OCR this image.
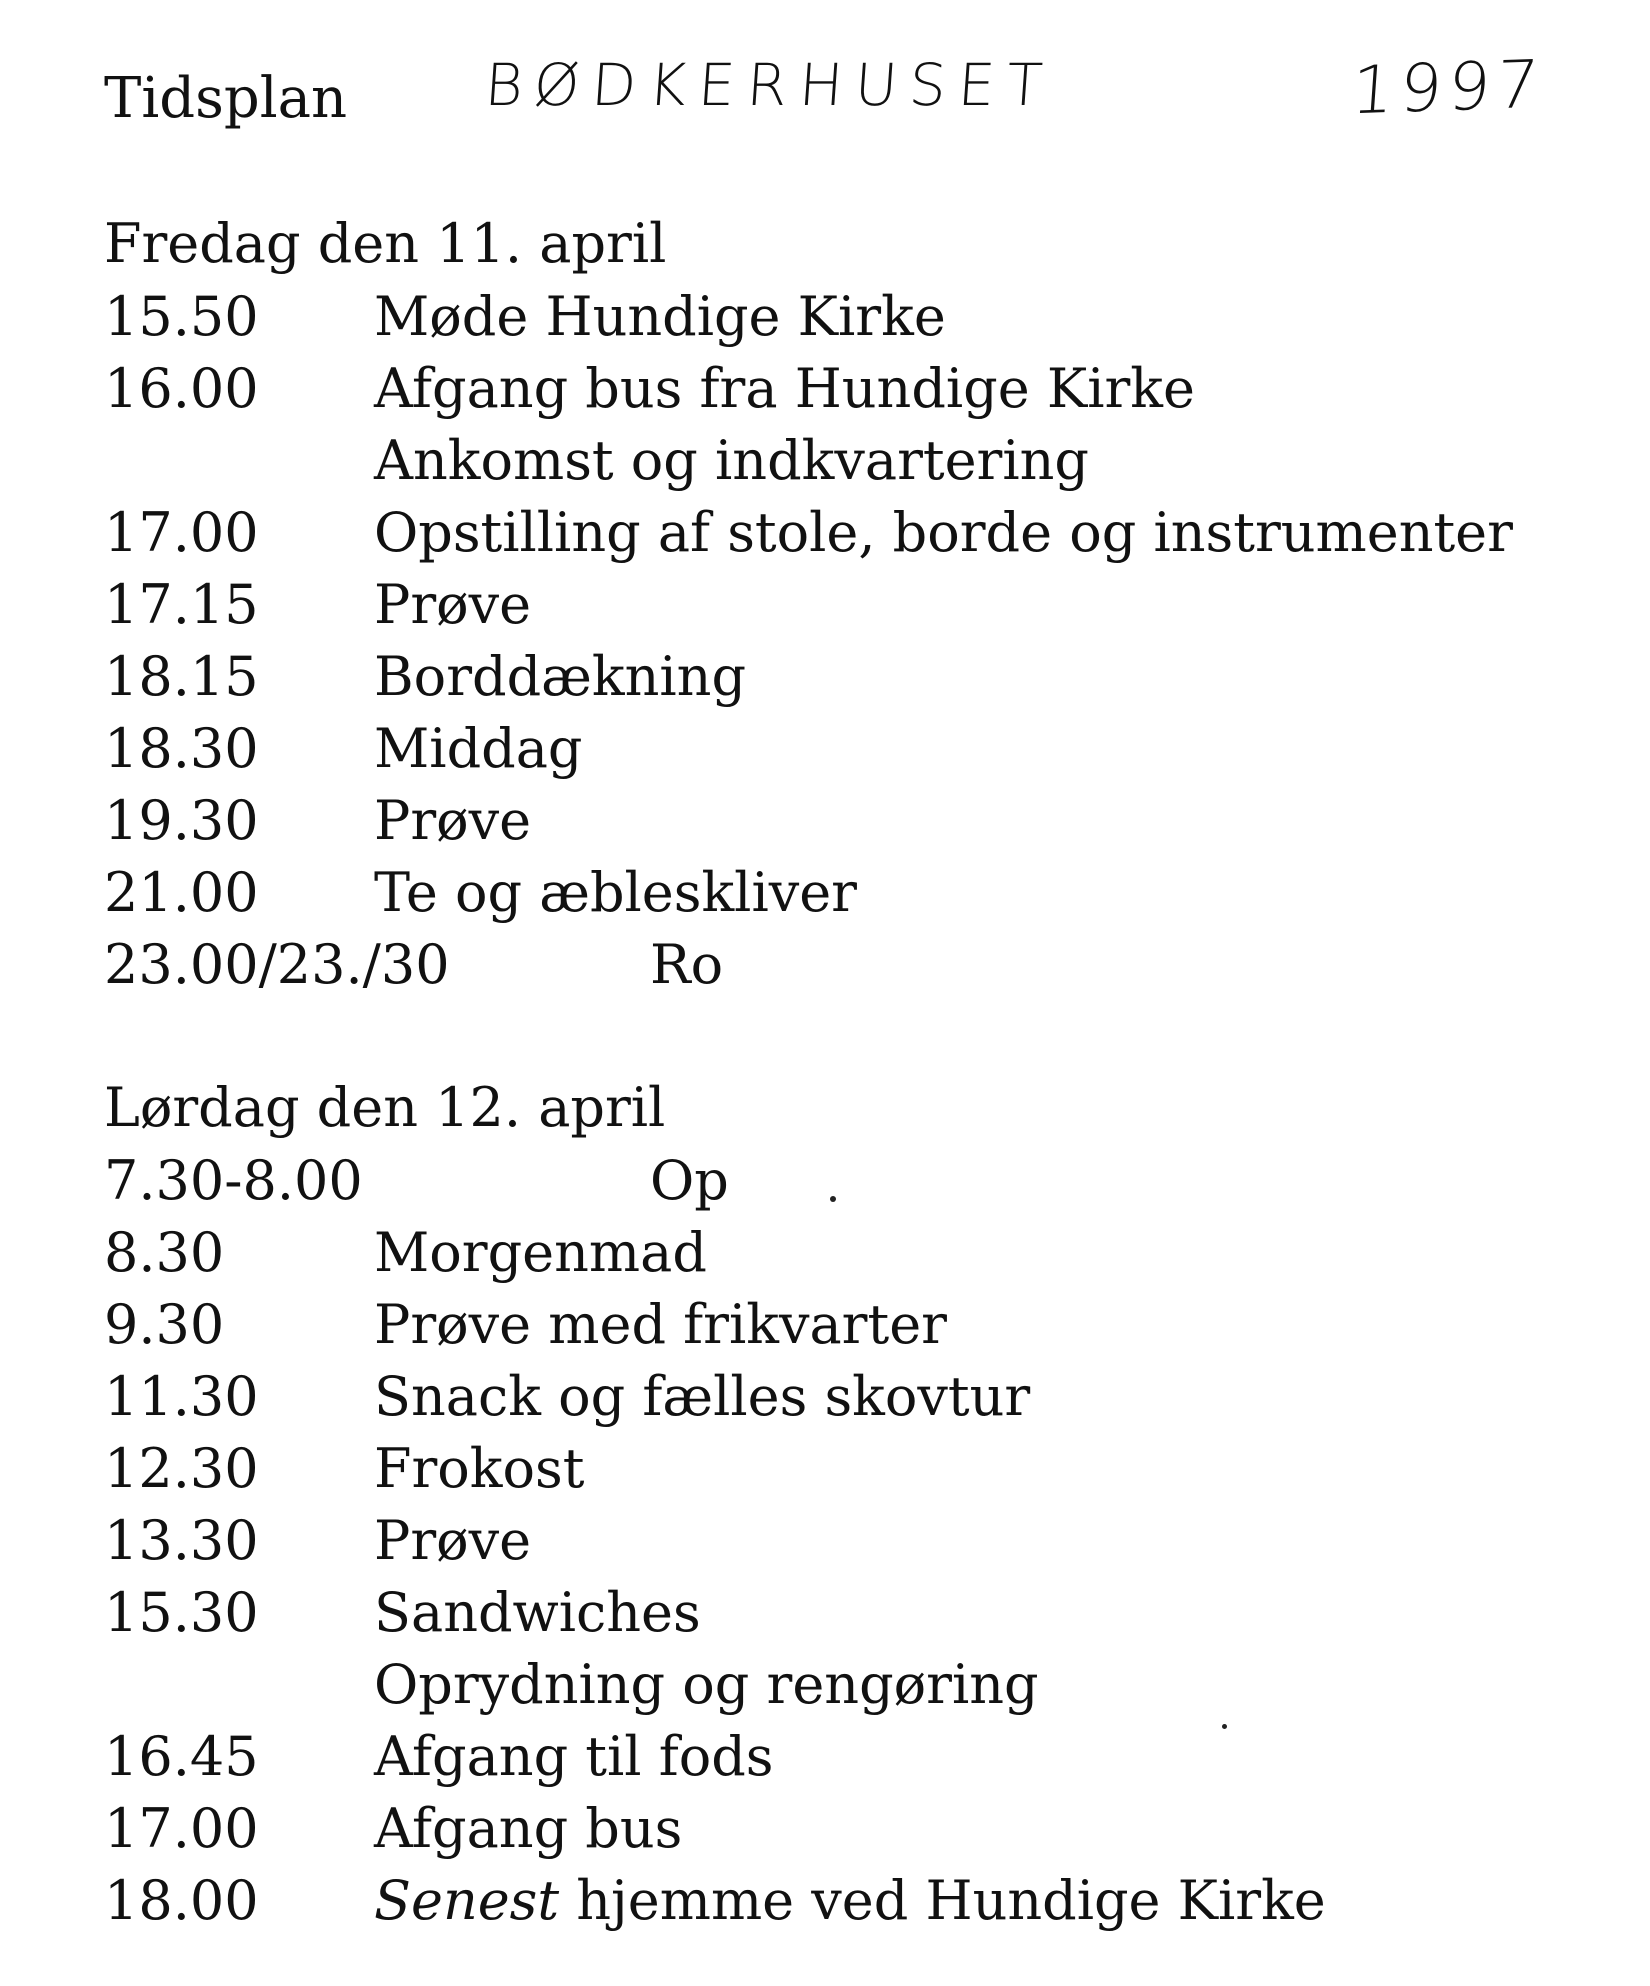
Tidsplan BØDKERHUSET	1997
Fredag den 11. april
15.50	Møde Hundige Kirke
16.00	Afgang bus fra Hundige Kirke
Ankomst og indkvartering
17.00	Opstilling af stole, borde og instrumenter
17.15	Prøve
18.15	Borddækning
18.30	Middag
19.30	Prøve
21.00	Te og æbleskliver
23.00/23./30	Ro
Lørdag den 12. april
7.30-8.00	Op
8.30	Morgenmad
9.30	Prøve med frikvarter
11.30	Snack og fælles skovtur
12.30	Frokost
13.30	Prøve
15.30	Sandwiches
Oprydning og rengøring
16.45	Afgang til fods
17.00	Afgang bus
18.00	Senest hjemme ved Hundige Kirke
